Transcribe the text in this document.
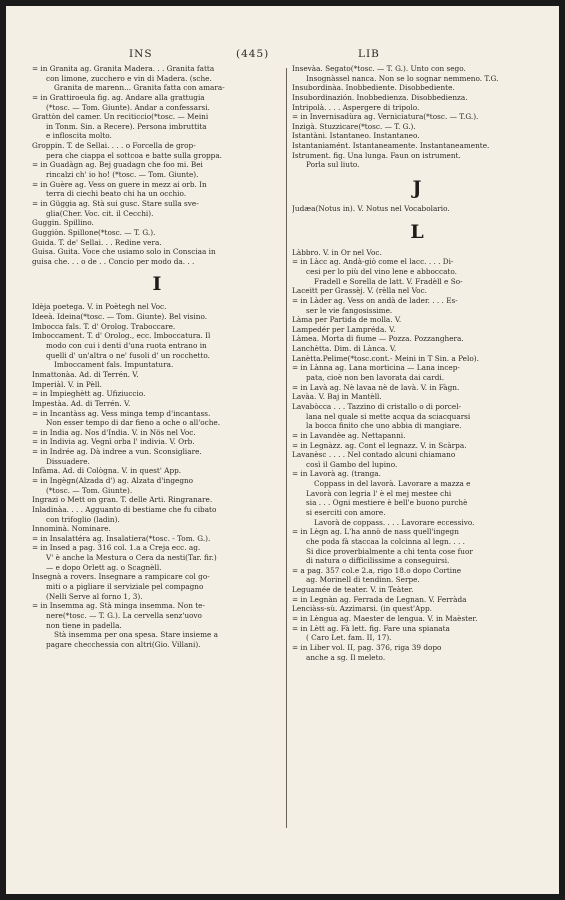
INS	(445)	LIB
= in Granita ag. Granita Madera. . . Granita fatta
con limone, zucchero e vin di Madera. (sche.
Granita de marenn... Granita fatta con amara-
= in Grattiroeula fig. ag. Andare alla grattugia
(*tosc. — Tom. Giunte). Andar a confessarsi.
Grattòn del camer. Un reciticcio(*tosc. — Meini
in Tonm. Sin. a Recere). Persona imbruttita
e infloscita molto.
Groppin. T. de Sellai. . . . o Forcella de grop-
pera che ciappa el sottcoa e batte sulla groppa.
= in Guadàgn ag. Bej guadagn che foo mi. Bei
rincalzi ch' io ho! (*tosc. — Tom. Giunte).
= in Guère ag. Vess on guere in mezz ai orb. In
terra di ciechi beato chi ha un occhio.
= in Güggia ag. Stà sui gusc. Stare sulla sve-
glia(Cher. Voc. cit. il Cecchi).
Guggin. Spillino.
Guggiòn. Spillone(*tosc. — T. G.).
Guida. T. de' Sellai. . . Redine vera.
Guisa. Guita. Voce che usiamo solo in Consciaa in
guisa che. . . o de . . Concio per modo da. . .
I
Idèja poetega. V. in Poètegh nel Voc.
Ideeà. Ideina(*tosc. — Tom. Giunte). Bel visino.
Imbocca fals. T. d' Orolog. Traboccare.
Imboccament. T. d' Orolog., ecc. Imboccatura. Il
modo con cui i denti d'una ruota entrano in
quelli d' un'altra o ne' fusoli d' un rocchetto.
Imboccament fals. Impuntatura.
Inmattonàa. Ad. di Terrén. V.
Imperiàl. V. in Pèll.
= in Impieghètt ag. Ufiziuccio.
Impestàa. Ad. di Terrén. V.
= in Incantàss ag. Vess minga temp d'incantass.
Non esser tempo di dar fieno a oche o all'oche.
= in India ag. Nos d'India. V. in Nös nel Voc.
= in Indivia ag. Vegnì orba l' indivia. V. Orb.
= in Indrée ag. Dà indree a vun. Sconsigliare.
Dissuadere.
Infàma. Ad. di Cològna. V. in quest' App.
= in Ingègn(Alzada d') ag. Alzata d'ingegno
(*tosc. — Tom. Giunte).
Ingrazi o Mett on gran. T. delle Arti. Ringranare.
Inladinàa. . . . Agguanto di bestiame che fu cibato
con trifoglio (ladin).
Innominà. Nominare.
= in Insalattéra ag. Insalatiera(*tosc. - Tom. G.).
= in Insed a pag. 316 col. 1.a a Creja ecc. ag.
V' è anche la Mestura o Cera da nesti(Tar. fir.)
— e dopo Orlett ag. o Scagnèll.
Insegnà a rovers. Insegnare a rampicare col go-
miti o a pigliare il serviziale pel compagno
(Nelli Serve al forno 1, 3).
= in Insemma ag. Stà minga insemma. Non te-
nere(*tosc. — T. G.). La cervella senz'uovo
non tiene in padella.
Stà insemma per ona spesa. Stare insieme a
pagare checchessia con altri(Gio. Villani).
Insevàa. Segato(*tosc. — T. G.). Unto con sego.
Insognàssel nanca. Non se lo sognar nemmeno. T.G.
Insubordinàa. Inobbediente. Disobbediente.
Insubordinazión. Inobbedienza. Disobbedienza.
Intripolà. . . . Aspergere di tripolo.
= in Invernisadùra ag. Verniciatura(*tosc. — T.G.).
Inzigà. Stuzzicare(*tosc. — T. G.).
Istantàni. Istantaneo. Instantaneo.
Istantaniamént. Istantaneamente. Instantaneamente.
Istrument. fig. Una lunga. Faun on istrument.
Porla sul liuto.
J
Judæa(Notus in). V. Notus nel Vocabolario.
L
Làbbro. V. in Or nel Voc.
= in Làcc ag. Andà-giò come el lacc. . . . Di-
cesi per lo più del vino lene e abboccato.
Fradell e Sorella de latt. V. Fradèll e So-
Laceitt per Grassèj. V. (rèlla nel Voc.
= in Làder ag. Vess on andà de lader. . . . Es-
ser le vie fangosissime.
Làma per Partida de molla. V.
Lampedér per Lampréda. V.
Làmea. Morta di fiume — Pozza. Pozzanghera.
Lanchètta. Dim. di Lànca. V.
Lanètta.Pelime(*tosc.cont.- Meini in T Sin. a Pelo).
= in Lànna ag. Lana morticina — Lana incep-
pata, cioè non ben lavorata dai cardi.
= in Lavà ag. Nè lavaa nè de lavà. V. in Fàgn.
Lavàa. V. Baj in Mantèll.
Lavabòcca . . . Tazzino di cristallo o di porcel-
lana nel quale si mette acqua da sciacquarsi
la bocca finito che uno abbia di mangiare.
= in Lavandèe ag. Nettapanni.
= in Legnàzz. ag. Cont el legnazz. V. in Scàrpa.
Lavanèsc . . . . Nel contado alcuni chiamano
così il Gambo del lupino.
= in Lavorà ag. (tranga.
Coppass in del lavorà. Lavorare a mazza e
Lavorà con legria l' è el mej mestee chi
sia . . . Ogni mestiere è bell'e buono purchè
si eserciti con amore.
Lavorà de coppass. . . . Lavorare eccessivo.
= in Lègn ag. L'ha annò de nass quell'ingegn
che poda fà staccaa la colcinna al legn. . . .
Si dice proverbialmente a chi tenta cose fuor
di natura o difficilissime a conseguirsi.
= a pag. 357 col.e 2.a, rigo 18.o dopo Cortine
ag. Morinell di tendinn. Serpe.
Leguamée de teater. V. in Teàter.
= in Legnàn ag. Ferrada de Legnan. V. Ferràda
Lenciàss-sù. Azzimarsi. (in quest'App.
= in Lèngua ag. Maester de lengua. V. in Maèster.
= in Lètt ag. Fà lett. fig. Fare una spianata
( Caro Let. fam. II, 17).
= in Liber vol. II, pag. 376, riga 39 dopo
anche a sg. Il meleto.
